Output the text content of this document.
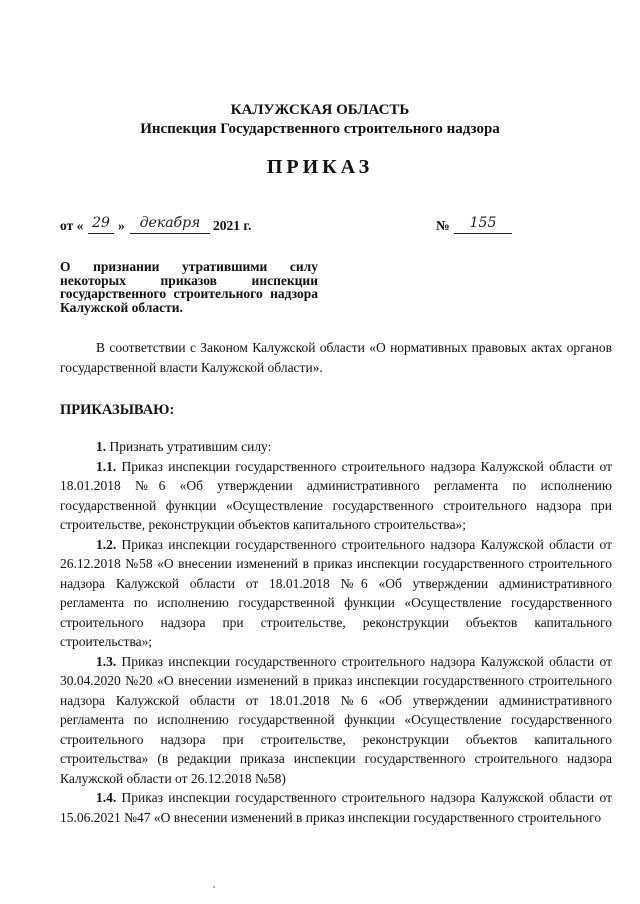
КАЛУЖСКАЯ ОБЛАСТЬ
Инспекция Государственного строительного надзора
ПРИКАЗ
от « 29 »	декабря 2021 г.	№	155
О признании утратившими силу
некоторых приказов инспекции
государственного строительного надзора
Калужской области.
В соответствии с Законом Калужской области «О нормативных правовых актах органов государственной власти Калужской области».
ПРИКАЗЫВАЮ:

1. Признать утратившим силу:

1.1. Приказ инспекции государственного строительного надзора Калужской области от 18.01.2018 №6 «Об утверждении административного регламента по исполнению государственной функции «Осуществление государственного строительного надзора при строительстве, реконструкции объектов капитального строительства»;

1.2. Приказ инспекции государственного строительного надзора Калужской области от 26.12.2018 №58 «О внесении изменений в приказ инспекции государственного строительного надзора Калужской области от 18.01.2018 №6 «Об утверждении административного регламента по исполнению государственной функции «Осуществление государственного строительного надзора при строительстве, реконструкции объектов капитального строительства»;

1.3. Приказ инспекции государственного строительного надзора Калужской области от 30.04.2020 №20 «О внесении изменений в приказ инспекции государственного строительного надзора Калужской области от 18.01.2018 №6 «Об утверждении административного регламента по исполнению государственной функции «Осуществление государственного строительного надзора при строительстве, реконструкции объектов капитального строительства» (в редакции приказа инспекции государственного строительного надзора Калужской области от 26.12.2018 №58)

1.4. Приказ инспекции государственного строительного надзора Калужской области от 15.06.2021 №47 «О внесении изменений в приказ инспекции государственного строительного
